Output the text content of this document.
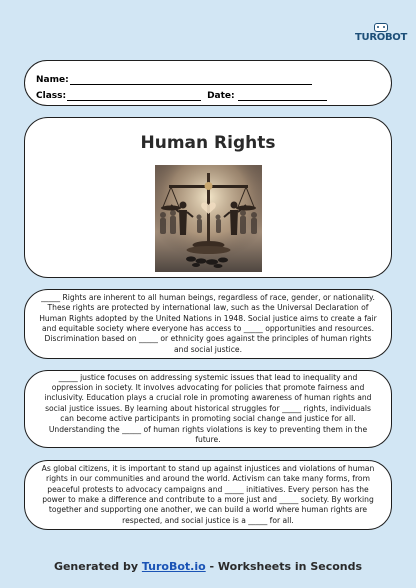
TUROBOT
Name:
Class:	Date:
Human Rights
_____ Rights are inherent to all human beings, regardless of race, gender, or nationality. These rights are protected by international law, such as the Universal Declaration of Human Rights adopted by the United Nations in 1948. Social justice aims to create a fair and equitable society where everyone has access to _____ opportunities and resources. Discrimination based on _____ or ethnicity goes against the principles of human rights and social justice.
_____ justice focuses on addressing systemic issues that lead to inequality and oppression in society. It involves advocating for policies that promote fairness and inclusivity. Education plays a crucial role in promoting awareness of human rights and social justice issues. By learning about historical struggles for _____ rights, individuals can become active participants in promoting social change and justice for all. Understanding the _____ of human rights violations is key to preventing them in the future.
As global citizens, it is important to stand up against injustices and violations of human rights in our communities and around the world. Activism can take many forms, from peaceful protests to advocacy campaigns and _____ initiatives. Every person has the power to make a difference and contribute to a more just and _____ society. By working together and supporting one another, we can build a world where human rights are respected, and social justice is a _____ for all.
Generated by TuroBot.io - Worksheets in Seconds
